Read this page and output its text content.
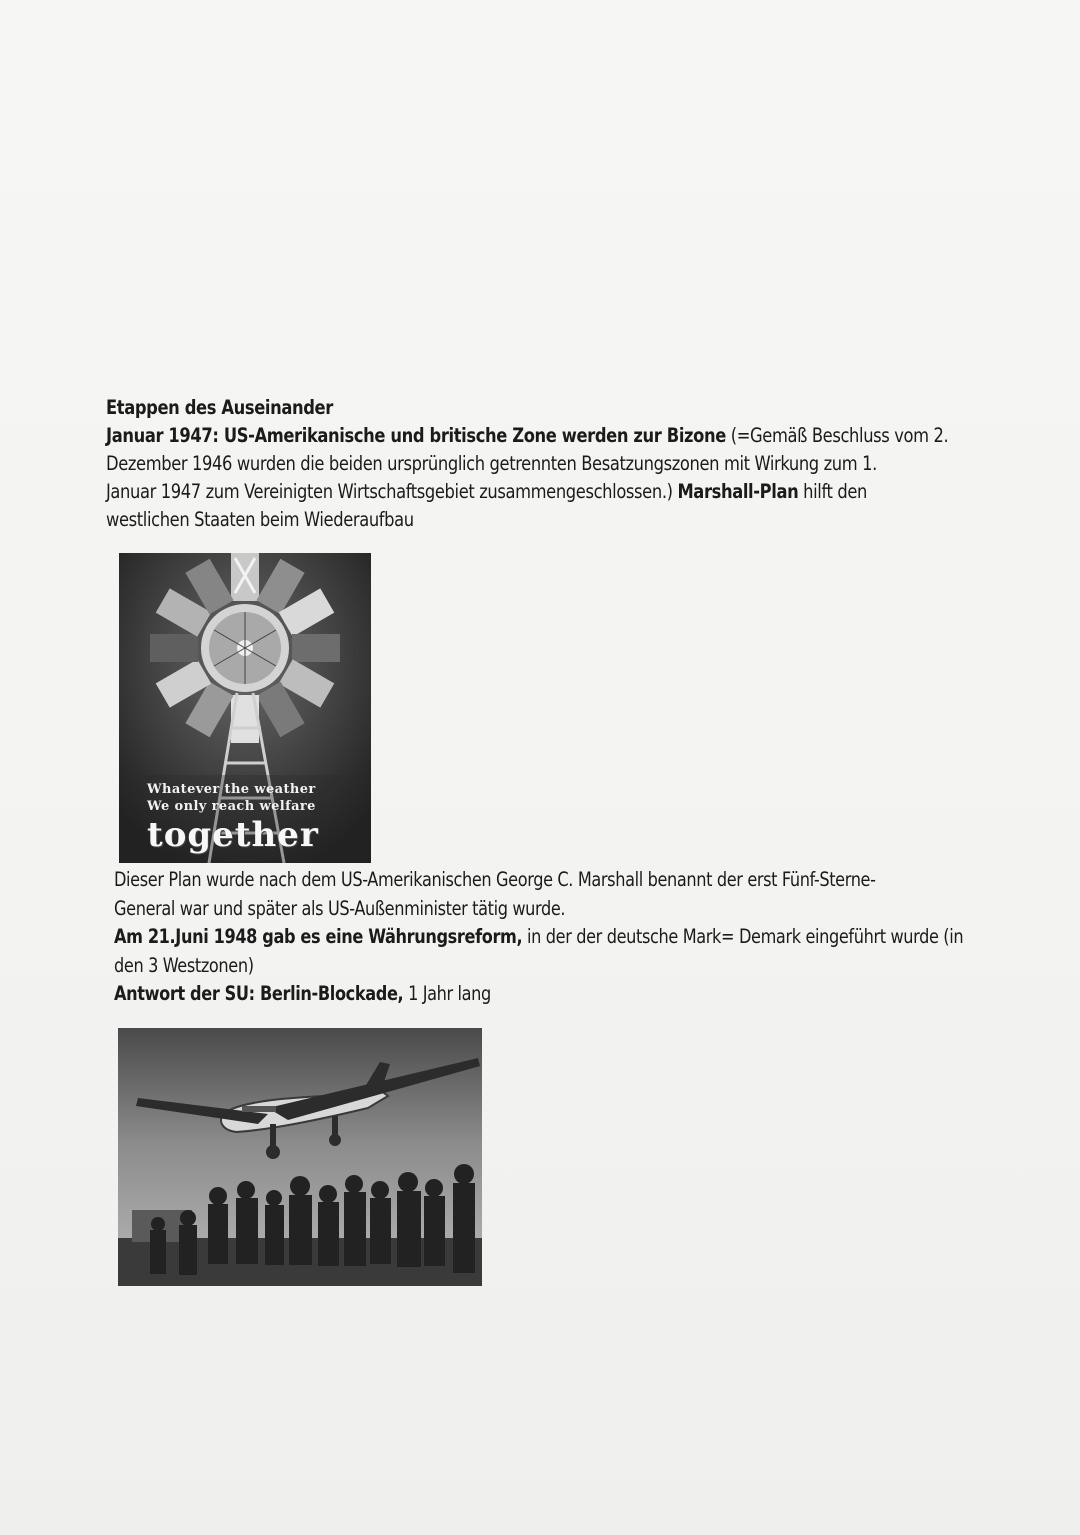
Etappen des Auseinander
Januar 1947: US-Amerikanische und britische Zone werden zur Bizone (=Gemäß Beschluss vom 2.
Dezember 1946 wurden die beiden ursprünglich getrennten Besatzungszonen mit Wirkung zum 1.
Januar 1947 zum Vereinigten Wirtschaftsgebiet zusammengeschlossen.) Marshall-Plan hilft den
westlichen Staaten beim Wiederaufbau
Whatever the weather
We only reach welfare
together
Dieser Plan wurde nach dem US-Amerikanischen George C. Marshall benannt der erst Fünf-Sterne-
General war und später als US-Außenminister tätig wurde.
Am 21.Juni 1948 gab es eine Währungsreform, in der der deutsche Mark= Demark eingeführt wurde (in
den 3 Westzonen)
Antwort der SU: Berlin-Blockade, 1 Jahr lang
